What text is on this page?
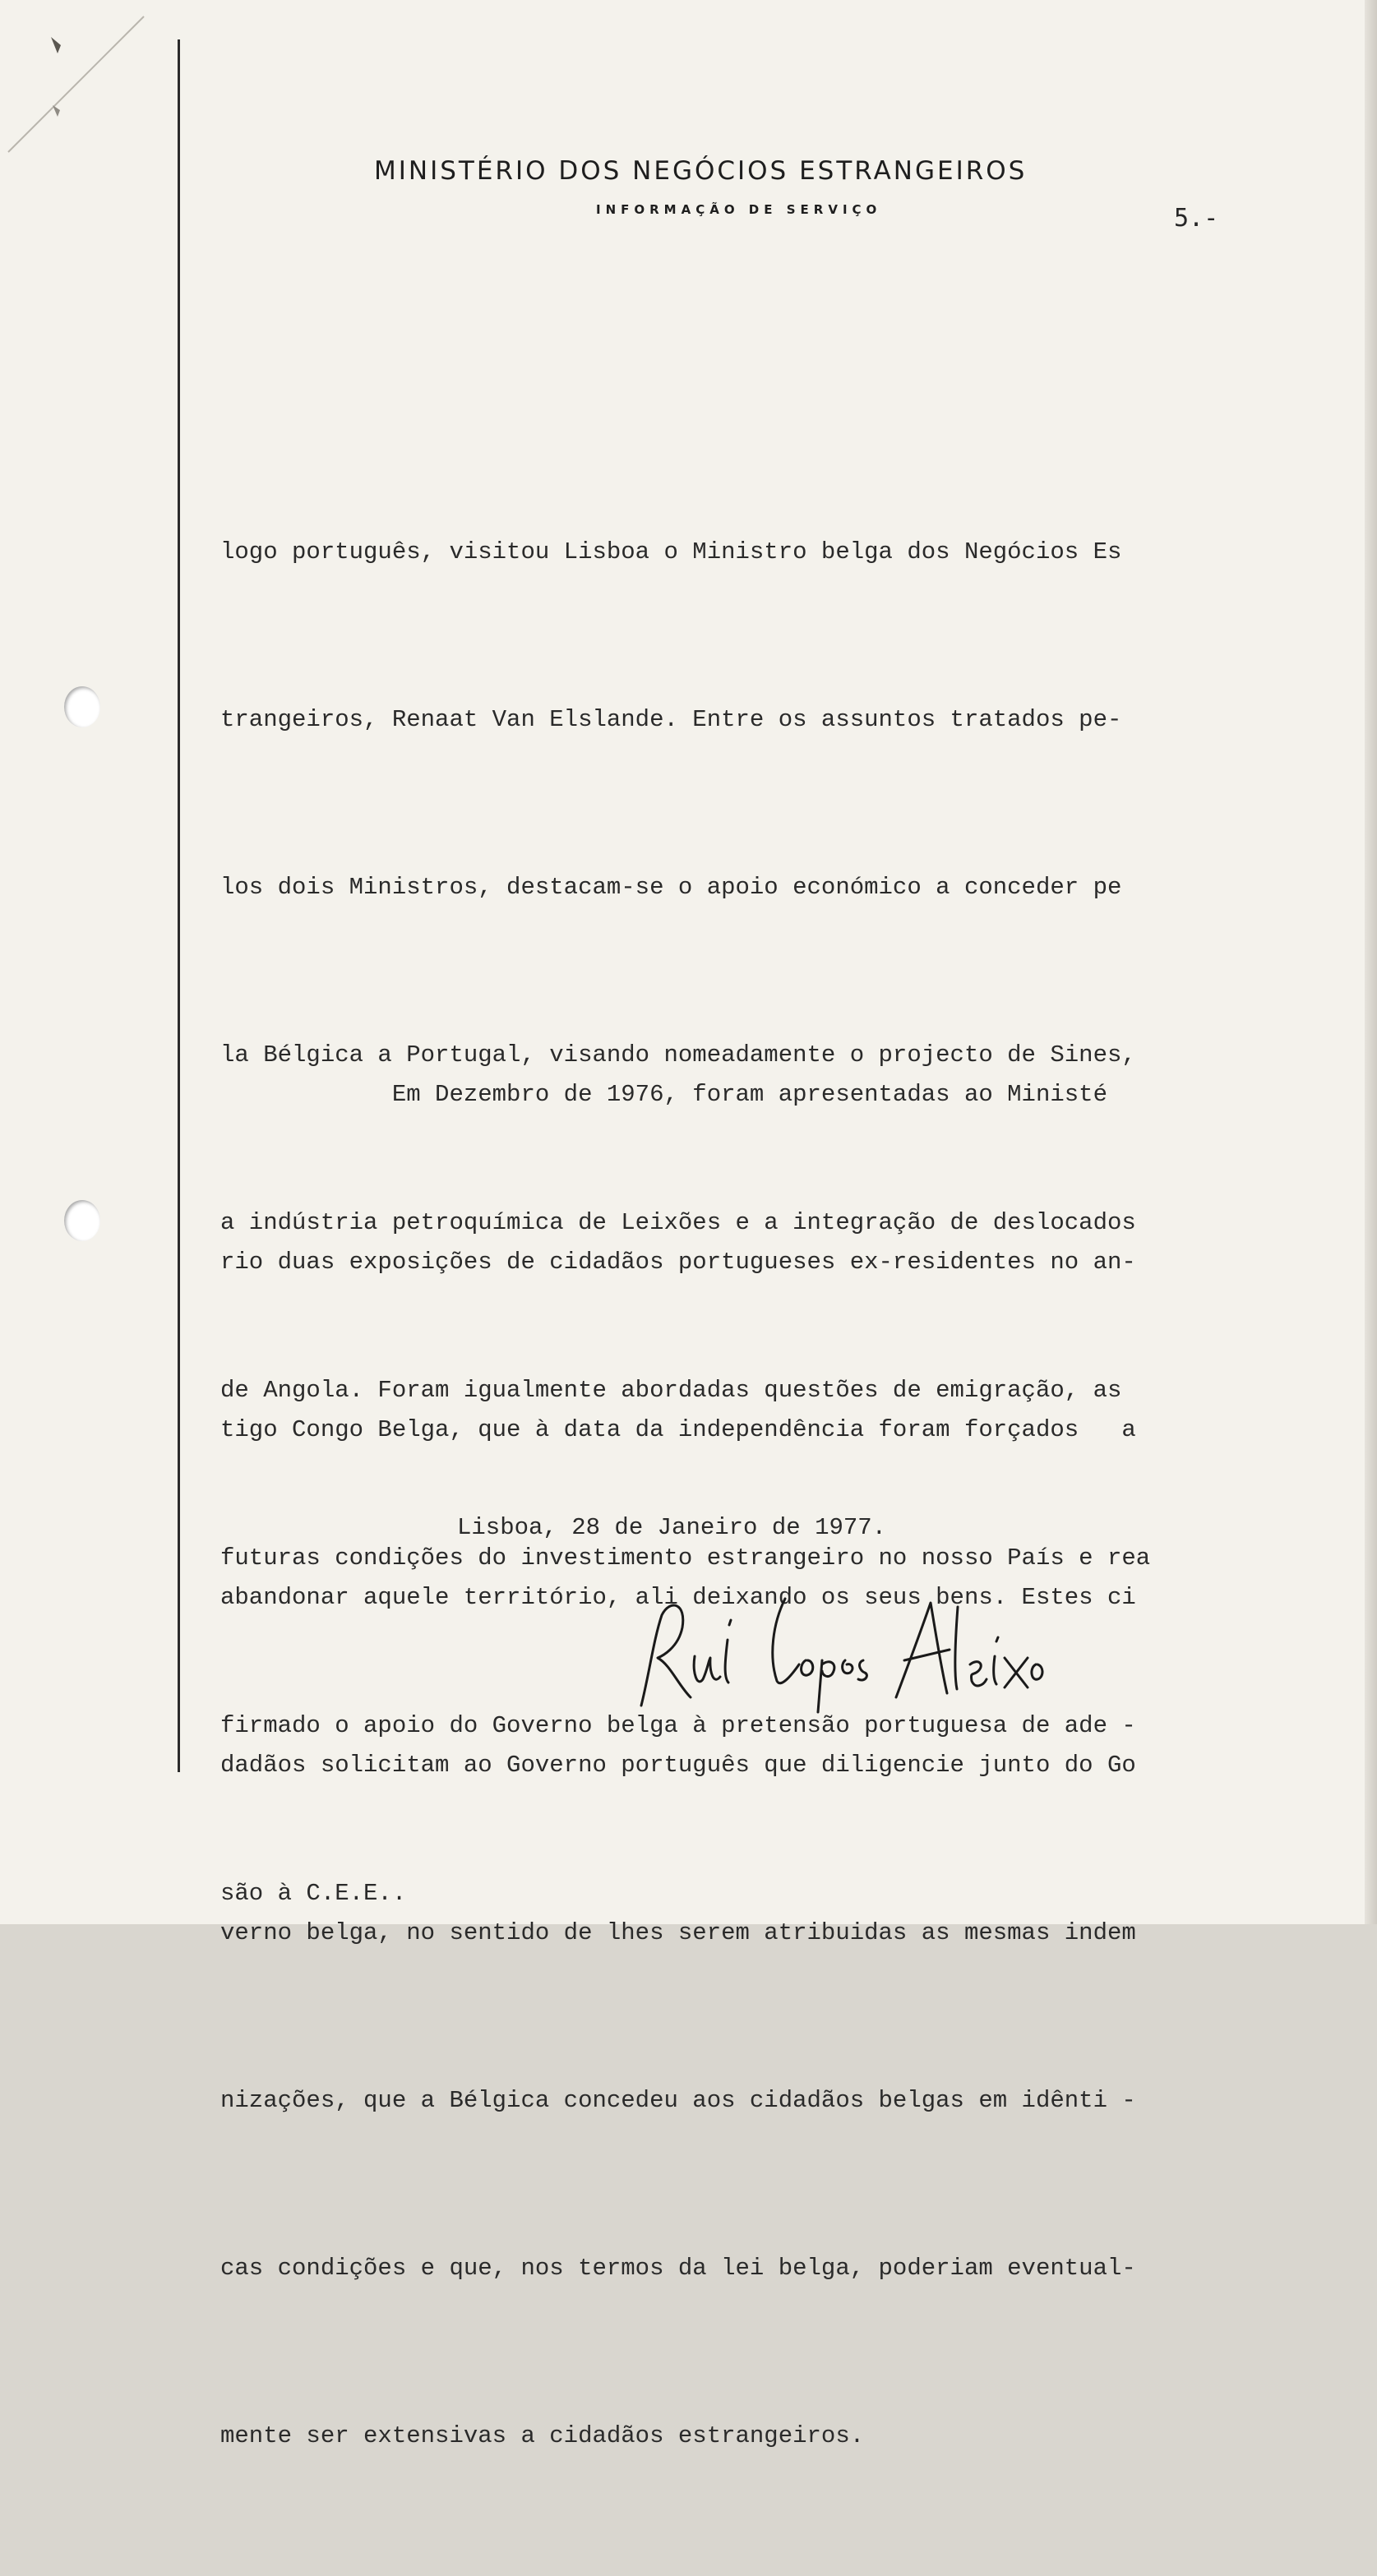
MINISTÉRIO DOS NEGÓCIOS ESTRANGEIROS
INFORMAÇÃO DE SERVIÇO	5.-

logo português, visitou Lisboa o Ministro belga dos Negócios Es

trangeiros, Renaat Van Elslande. Entre os assuntos tratados pe-

los dois Ministros, destacam-se o apoio económico a conceder pe

la Bélgica a Portugal, visando nomeadamente o projecto de Sines,

a indústria petroquímica de Leixões e a integração de deslocados

de Angola. Foram igualmente abordadas questões de emigração, as

futuras condições do investimento estrangeiro no nosso País e rea

firmado o apoio do Governo belga à pretensão portuguesa de ade -

são à C.E.E..

Em Dezembro de 1976, foram apresentadas ao Ministé

rio duas exposições de cidadãos portugueses ex-residentes no an-

tigo Congo Belga, que à data da independência foram forçados   a

abandonar aquele território, ali deixando os seus bens. Estes ci

dadãos solicitam ao Governo português que diligencie junto do Go

verno belga, no sentido de lhes serem atribuidas as mesmas indem

nizações, que a Bélgica concedeu aos cidadãos belgas em idênti -

cas condições e que, nos termos da lei belga, poderiam eventual-

mente ser extensivas a cidadãos estrangeiros.

Lisboa, 28 de Janeiro de 1977.
